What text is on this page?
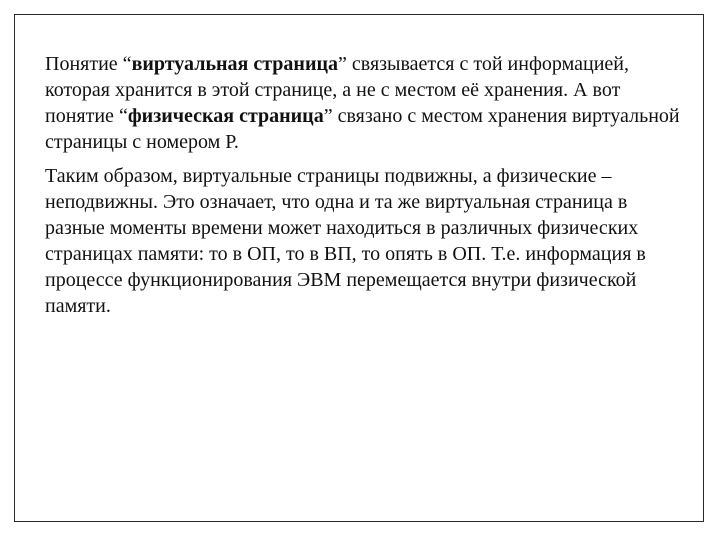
Понятие “виртуальная страница” связывается с той информацией, которая хранится в этой странице, а не с местом её хранения. А вот понятие “физическая страница” связано с местом хранения виртуальной страницы с номером Р.

Таким образом, виртуальные страницы подвижны, а физические – неподвижны. Это означает, что одна и та же виртуальная страница в разные моменты времени может находиться в различных физических страницах памяти: то в ОП, то в ВП, то опять в ОП. Т.е. информация в процессе функционирования ЭВМ перемещается внутри физической памяти.
